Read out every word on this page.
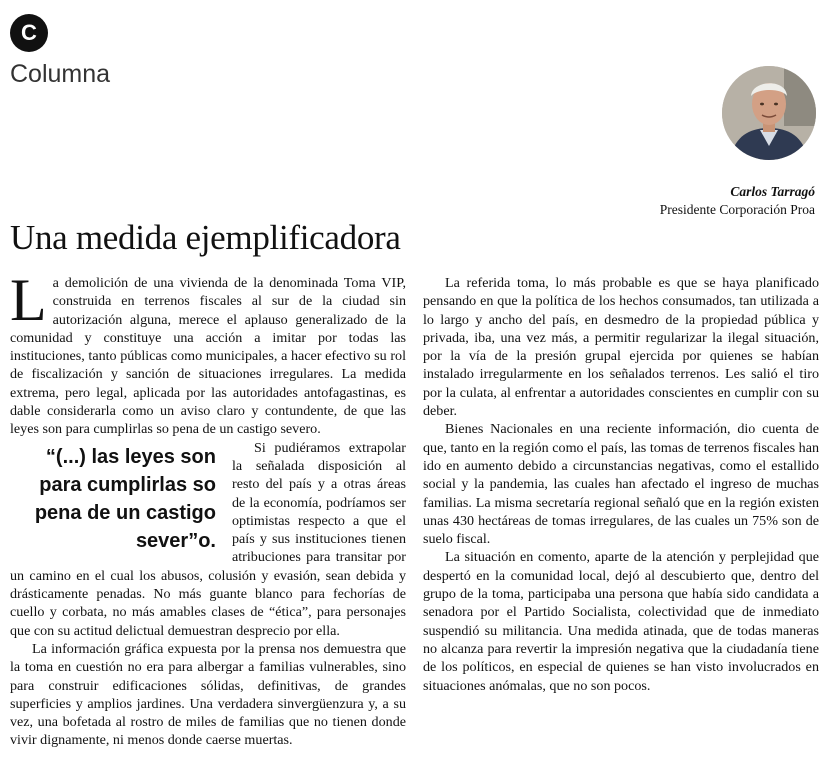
C
Columna
Carlos Tarragó
Presidente Corporación Proa
Una medida ejemplificadora

La demolición de una vivienda de la denominada Toma VIP, construida en terrenos fiscales al sur de la ciudad sin autorización alguna, merece el aplauso generalizado de la comunidad y constituye una acción a imitar por todas las instituciones, tanto públicas como municipales, a hacer efectivo su rol de fiscalización y sanción de situaciones irregulares. La medida extrema, pero legal, aplicada por las autoridades antofagastinas, es dable considerarla como un aviso claro y contundente, de que las leyes son para cumplirlas so pena de un castigo severo.

“(...) las leyes son para cumplirlas so pena de un castigo sever”o.

Si pudiéramos extrapolar la señalada disposición al resto del país y a otras áreas de la economía, podríamos ser optimistas respecto a que el país y sus instituciones tienen atribuciones para transitar por un camino en el cual los abusos, colusión y evasión, sean debida y drásticamente penadas. No más guante blanco para fechorías de cuello y corbata, no más amables clases de “ética”, para personajes que con su actitud delictual demuestran desprecio por ella.

La información gráfica expuesta por la prensa nos demuestra que la toma en cuestión no era para albergar a familias vulnerables, sino para construir edificaciones sólidas, definitivas, de grandes superficies y amplios jardines. Una verdadera sinvergüenzura y, a su vez, una bofetada al rostro de miles de familias que no tienen donde vivir dignamente, ni menos donde caerse muertas.

La referida toma, lo más probable es que se haya planificado pensando en que la política de los hechos consumados, tan utilizada a lo largo y ancho del país, en desmedro de la propiedad pública y privada, iba, una vez más, a permitir regularizar la ilegal situación, por la vía de la presión grupal ejercida por quienes se habían instalado irregularmente en los señalados terrenos. Les salió el tiro por la culata, al enfrentar a autoridades conscientes en cumplir con su deber.

Bienes Nacionales en una reciente información, dio cuenta de que, tanto en la región como el país, las tomas de terrenos fiscales han ido en aumento debido a circunstancias negativas, como el estallido social y la pandemia, las cuales han afectado el ingreso de muchas familias. La misma secretaría regional señaló que en la región existen unas 430 hectáreas de tomas irregulares, de las cuales un 75% son de suelo fiscal.

La situación en comento, aparte de la atención y perplejidad que despertó en la comunidad local, dejó al descubierto que, dentro del grupo de la toma, participaba una persona que había sido candidata a senadora por el Partido Socialista, colectividad que de inmediato suspendió su militancia. Una medida atinada, que de todas maneras no alcanza para revertir la impresión negativa que la ciudadanía tiene de los políticos, en especial de quienes se han visto involucrados en situaciones anómalas, que no son pocos.
